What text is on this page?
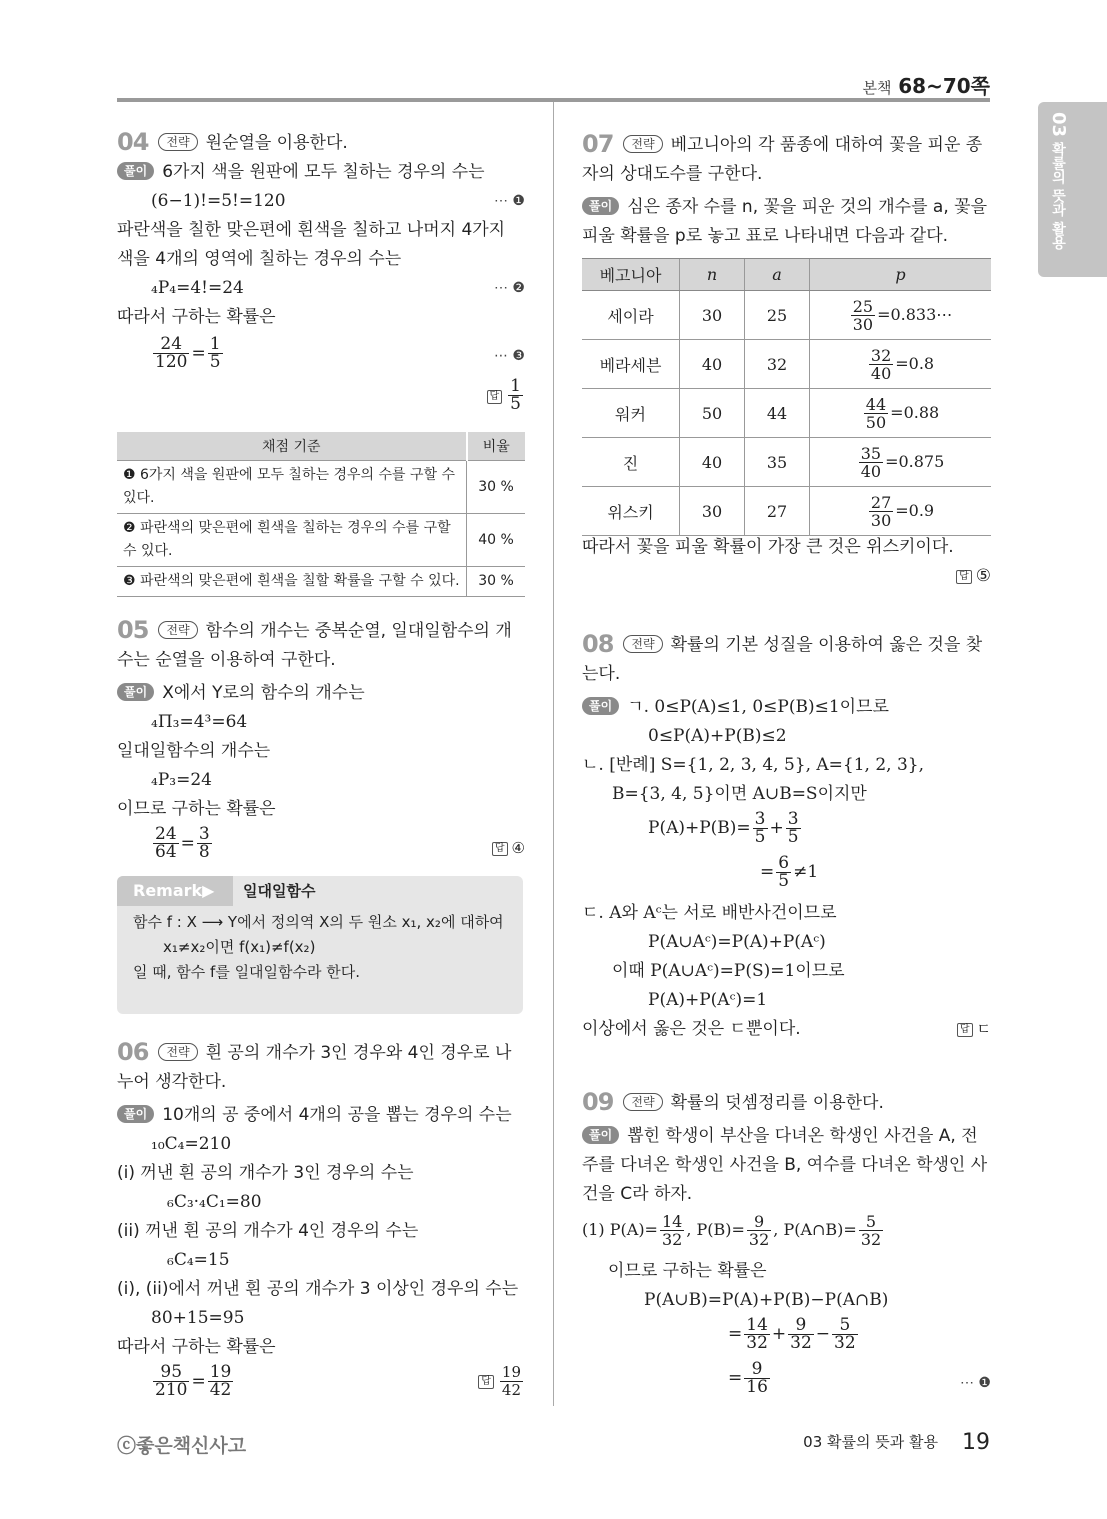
본책 68~70쪽
03 확률의 뜻과 활용
04 전략 원순열을 이용한다.
풀이 6가지 색을 원판에 모두 칠하는 경우의 수는
(6−1)!=5!=120	⋯ ❶
파란색을 칠한 맞은편에 흰색을 칠하고 나머지 4가지 색을 4개의 영역에 칠하는 경우의 수는
₄P₄=4!=24	⋯ ❷
따라서 구하는 확률은
$\frac{24}{120} = \frac{1}{5}$	⋯ ❸
답 $\frac{1}{5}$
채점 기준	비율
❶ 6가지 색을 원판에 모두 칠하는 경우의 수를 구할 수 있다.	30 %
❷ 파란색의 맞은편에 흰색을 칠하는 경우의 수를 구할 수 있다.	40 %
❸ 파란색의 맞은편에 흰색을 칠할 확률을 구할 수 있다.	30 %
05 전략 함수의 개수는 중복순열, 일대일함수의 개수는 순열을 이용하여 구한다.
풀이 X에서 Y로의 함수의 개수는
₄Π₃=4³=64
일대일함수의 개수는
₄P₃=24
이므로 구하는 확률은
$\frac{24}{64} = \frac{3}{8}$	답 ④
Remark▶	일대일함수
함수 f : X ⟶ Y에서 정의역 X의 두 원소 x₁, x₂에 대하여
x₁≠x₂이면 f(x₁)≠f(x₂)
일 때, 함수 f를 일대일함수라 한다.
06 전략 흰 공의 개수가 3인 경우와 4인 경우로 나누어 생각한다.
풀이 10개의 공 중에서 4개의 공을 뽑는 경우의 수는
₁₀C₄=210
(i) 꺼낸 흰 공의 개수가 3인 경우의 수는
₆C₃·₄C₁=80
(ii) 꺼낸 흰 공의 개수가 4인 경우의 수는
₆C₄=15
(i), (ii)에서 꺼낸 흰 공의 개수가 3 이상인 경우의 수는
80+15=95
따라서 구하는 확률은
$\frac{95}{210} = \frac{19}{42}$	답 $\frac{19}{42}$
07 전략 베고니아의 각 품종에 대하여 꽃을 피운 종자의 상대도수를 구한다.
풀이 심은 종자 수를 n, 꽃을 피운 것의 개수를 a, 꽃을 피울 확률을 p로 놓고 표로 나타내면 다음과 같다.
베고니아	n	a	p
세이라	30	25	$\frac{25}{30}$ =0.833⋯
베라세븐	40	32	$\frac{32}{40} =0.8$
워커	50	44	$\frac{44}{50} =0.88$
진	40	35	$\frac{35}{40} =0.875$
위스키	30	27	$\frac{27}{30} =0.9$
따라서 꽃을 피울 확률이 가장 큰 것은 위스키이다.
답 ⑤
08 전략 확률의 기본 성질을 이용하여 옳은 것을 찾는다.
풀이 ㄱ. 0≤P(A)≤1, 0≤P(B)≤1이므로
0≤P(A)+P(B)≤2
ㄴ. [반례] S={1, 2, 3, 4, 5}, A={1, 2, 3},
B={3, 4, 5}이면 A∪B=S이지만
$P(A)+P(B)= \frac{3}{5} + \frac{3}{5}$
= $\frac{6}{5} \ne 1$
ㄷ. A와 Aᶜ는 서로 배반사건이므로
P(A∪Aᶜ)=P(A)+P(Aᶜ)
이때 P(A∪Aᶜ)=P(S)=1이므로
P(A)+P(Aᶜ)=1
이상에서 옳은 것은 ㄷ뿐이다.	답 ㄷ
09 전략 확률의 덧셈정리를 이용한다.
풀이 뽑힌 학생이 부산을 다녀온 학생인 사건을 A, 전주를 다녀온 학생인 사건을 B, 여수를 다녀온 학생인 사건을 C라 하자.
(1) $P(A)= \frac{14}{32}$ , $P(B)= \frac{9}{32}$ , P(A∩B)= $\frac{5}{32}$
이므로 구하는 확률은
P(A∪B)=P(A)+P(B)−P(A∩B)
= $\frac{14}{32} + \frac{9}{32} - \frac{5}{32}$
= $\frac{9}{16}$	⋯ ❶
ⓒ좋은책신사고	03 확률의 뜻과 활용 19
